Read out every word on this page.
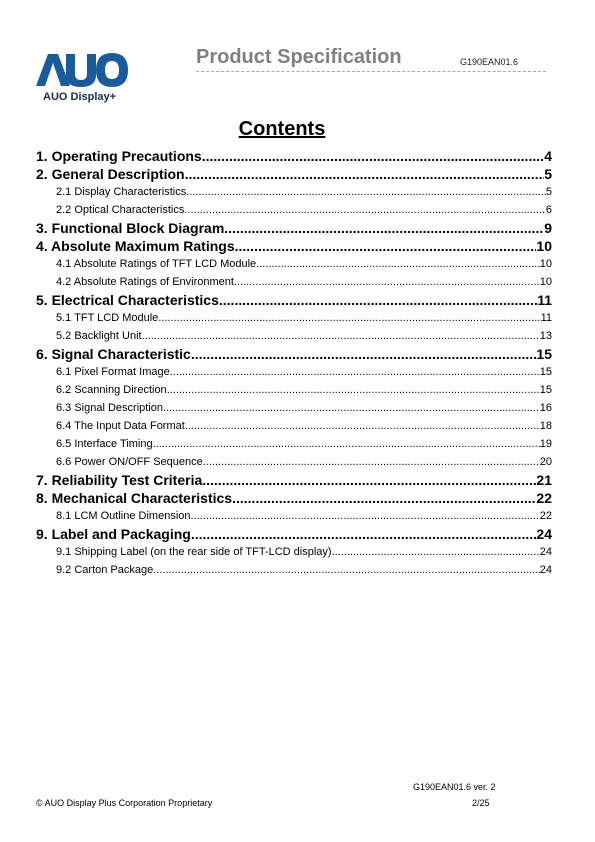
AUO Display+
Product Specification	G190EAN01.6
Contents
1. Operating Precautions .....	4
2. General Description .....	5
2.1 Display Characteristics .....	5
2.2 Optical Characteristics .....	6
3. Functional Block Diagram .....	9
4. Absolute Maximum Ratings .....	10
4.1 Absolute Ratings of TFT LCD Module .....	10
4.2 Absolute Ratings of Environment .....	10
5. Electrical Characteristics .....	11
5.1 TFT LCD Module .....	11
5.2 Backlight Unit .....	13
6. Signal Characteristic .....	15
6.1 Pixel Format Image .....	15
6.2 Scanning Direction .....	15
6.3 Signal Description .....	16
6.4 The Input Data Format .....	18
6.5 Interface Timing .....	19
6.6 Power ON/OFF Sequence .....	20
7. Reliability Test Criteria .....	21
8. Mechanical Characteristics .....	22
8.1 LCM Outline Dimension .....	22
9. Label and Packaging .....	24
9.1 Shipping Label (on the rear side of TFT-LCD display) .....	24
9.2 Carton Package .....	24
G190EAN01.6 ver. 2
© AUO Display Plus Corporation Proprietary	2/25
